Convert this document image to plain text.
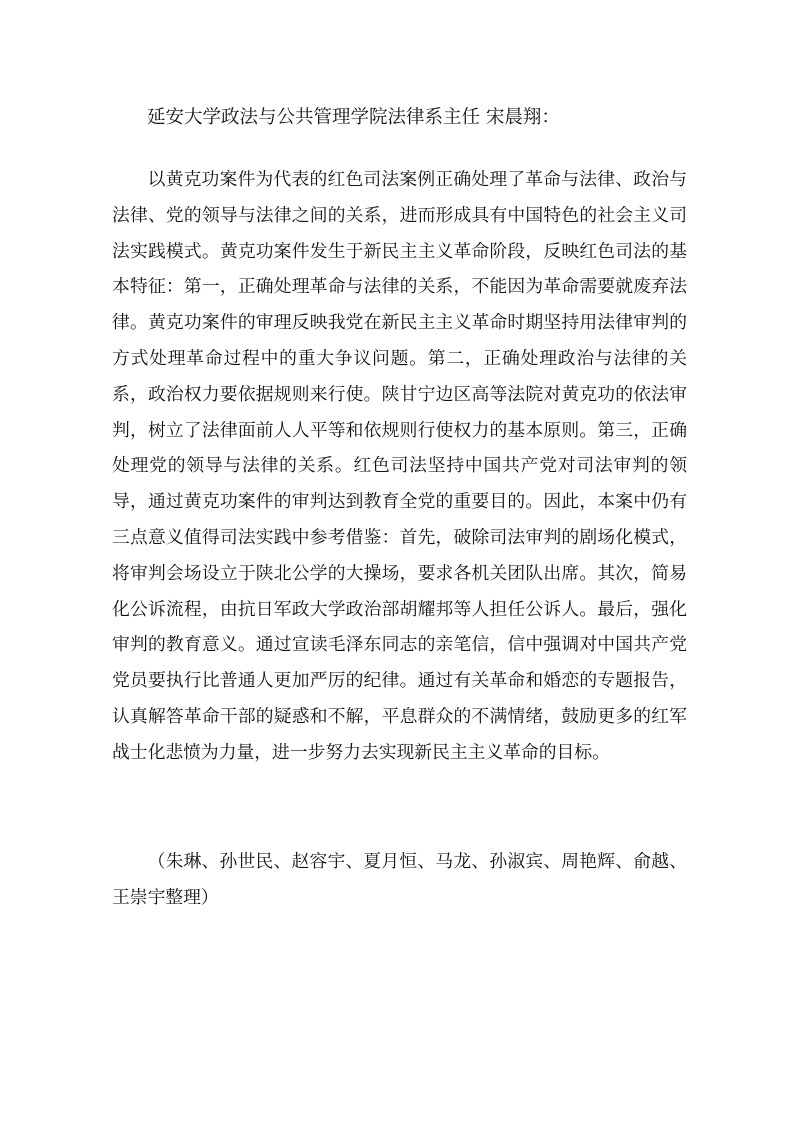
延安大学政法与公共管理学院法律系主任 宋晨翔：

以黄克功案件为代表的红色司法案例正确处理了革命与法律、政治与法律、党的领导与法律之间的关系，进而形成具有中国特色的社会主义司法实践模式。黄克功案件发生于新民主主义革命阶段，反映红色司法的基本特征：第一，正确处理革命与法律的关系，不能因为革命需要就废弃法律。黄克功案件的审理反映我党在新民主主义革命时期坚持用法律审判的方式处理革命过程中的重大争议问题。第二，正确处理政治与法律的关系，政治权力要依据规则来行使。陕甘宁边区高等法院对黄克功的依法审判，树立了法律面前人人平等和依规则行使权力的基本原则。第三，正确处理党的领导与法律的关系。红色司法坚持中国共产党对司法审判的领导，通过黄克功案件的审判达到教育全党的重要目的。因此，本案中仍有三点意义值得司法实践中参考借鉴：首先，破除司法审判的剧场化模式，将审判会场设立于陕北公学的大操场，要求各机关团队出席。其次，简易化公诉流程，由抗日军政大学政治部胡耀邦等人担任公诉人。最后，强化审判的教育意义。通过宣读毛泽东同志的亲笔信，信中强调对中国共产党党员要执行比普通人更加严厉的纪律。通过有关革命和婚恋的专题报告，认真解答革命干部的疑惑和不解，平息群众的不满情绪，鼓励更多的红军战士化悲愤为力量，进一步努力去实现新民主主义革命的目标。

（朱琳、孙世民、赵容宇、夏月恒、马龙、孙淑宾、周艳辉、俞越、王崇宇整理）
